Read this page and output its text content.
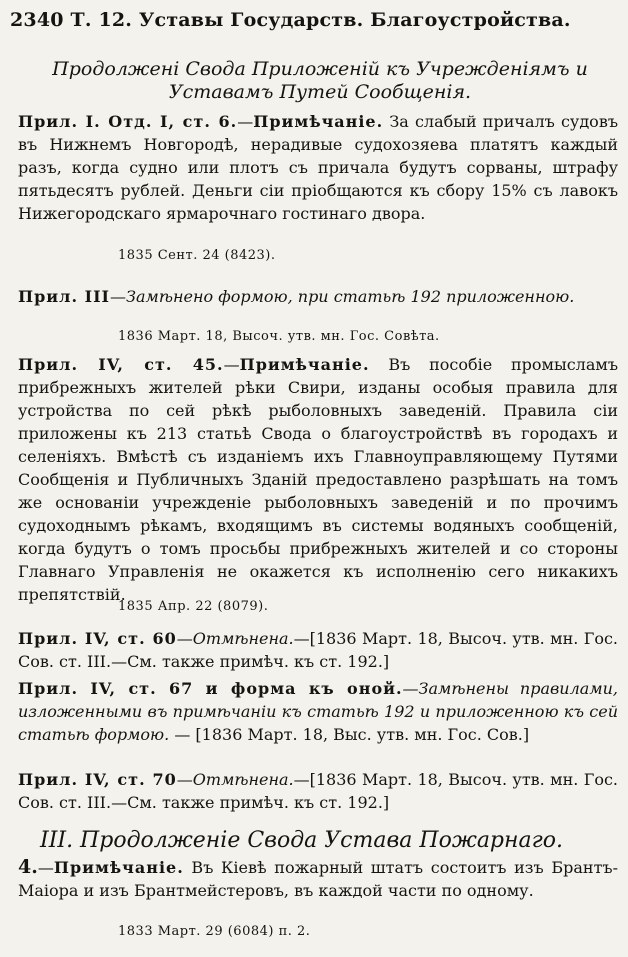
2340 Т. 12. Уставы Государств. Благоустройства.
Продолжені Свода Приложеній къ Учрежденіямъ и
Уставамъ Путей Сообщенія.
Прил. I. Отд. I, ст. 6.—Примѣчаніе. За слабый причалъ судовъ въ Нижнемъ Новгородѣ, нерадивые судохозяева платятъ каждый разъ, когда судно или плотъ съ причала будутъ сорваны, штрафу пятьдесятъ рублей. Деньги сіи пріобщаются къ сбору 15% съ лавокъ Нижегородскаго ярмарочнаго гостинаго двора.
1835 Сент. 24 (8423).
Прил. III—Замѣнено формою, при статьѣ 192 приложенною.
1836 Март. 18, Высоч. утв. мн. Гос. Совѣта.
Прил. IV, ст. 45.—Примѣчаніе. Въ пособіе промысламъ прибрежныхъ жителей рѣки Свири, изданы особыя правила для устройства по сей рѣкѣ рыболовныхъ заведеній. Правила сіи приложены къ 213 статьѣ Свода о благоустройствѣ въ городахъ и селеніяхъ. Вмѣстѣ съ изданіемъ ихъ Главноуправляющему Путями Сообщенія и Публичныхъ Зданій предоставлено разрѣшать на томъ же основаніи учрежденіе рыболовныхъ заведеній и по прочимъ судоходнымъ рѣкамъ, входящимъ въ системы водяныхъ сообщеній, когда будутъ о томъ просьбы прибрежныхъ жителей и со стороны Главнаго Управленія не окажется къ исполненію сего никакихъ препятствій.
1835 Апр. 22 (8079).
Прил. IV, ст. 60—Отмѣнена.—[1836 Март. 18, Высоч. утв. мн. Гос. Сов. ст. III.—См. также примѣч. къ ст. 192.]
Прил. IV, ст. 67 и форма къ оной.—Замѣнены правилами, изложенными въ примѣчаніи къ статьѣ 192 и приложенною къ сей статьѣ формою. — [1836 Март. 18, Выс. утв. мн. Гос. Сов.]
Прил. IV, ст. 70—Отмѣнена.—[1836 Март. 18, Высоч. утв. мн. Гос. Сов. ст. III.—См. также примѣч. къ ст. 192.]
III. Продолженіе Свода Устава Пожарнаго.
4.—Примѣчаніе. Въ Кіевѣ пожарный штатъ состоитъ изъ Брантъ-Маіора и изъ Брантмейстеровъ, въ каждой части по одному.
1833 Март. 29 (6084) п. 2.
